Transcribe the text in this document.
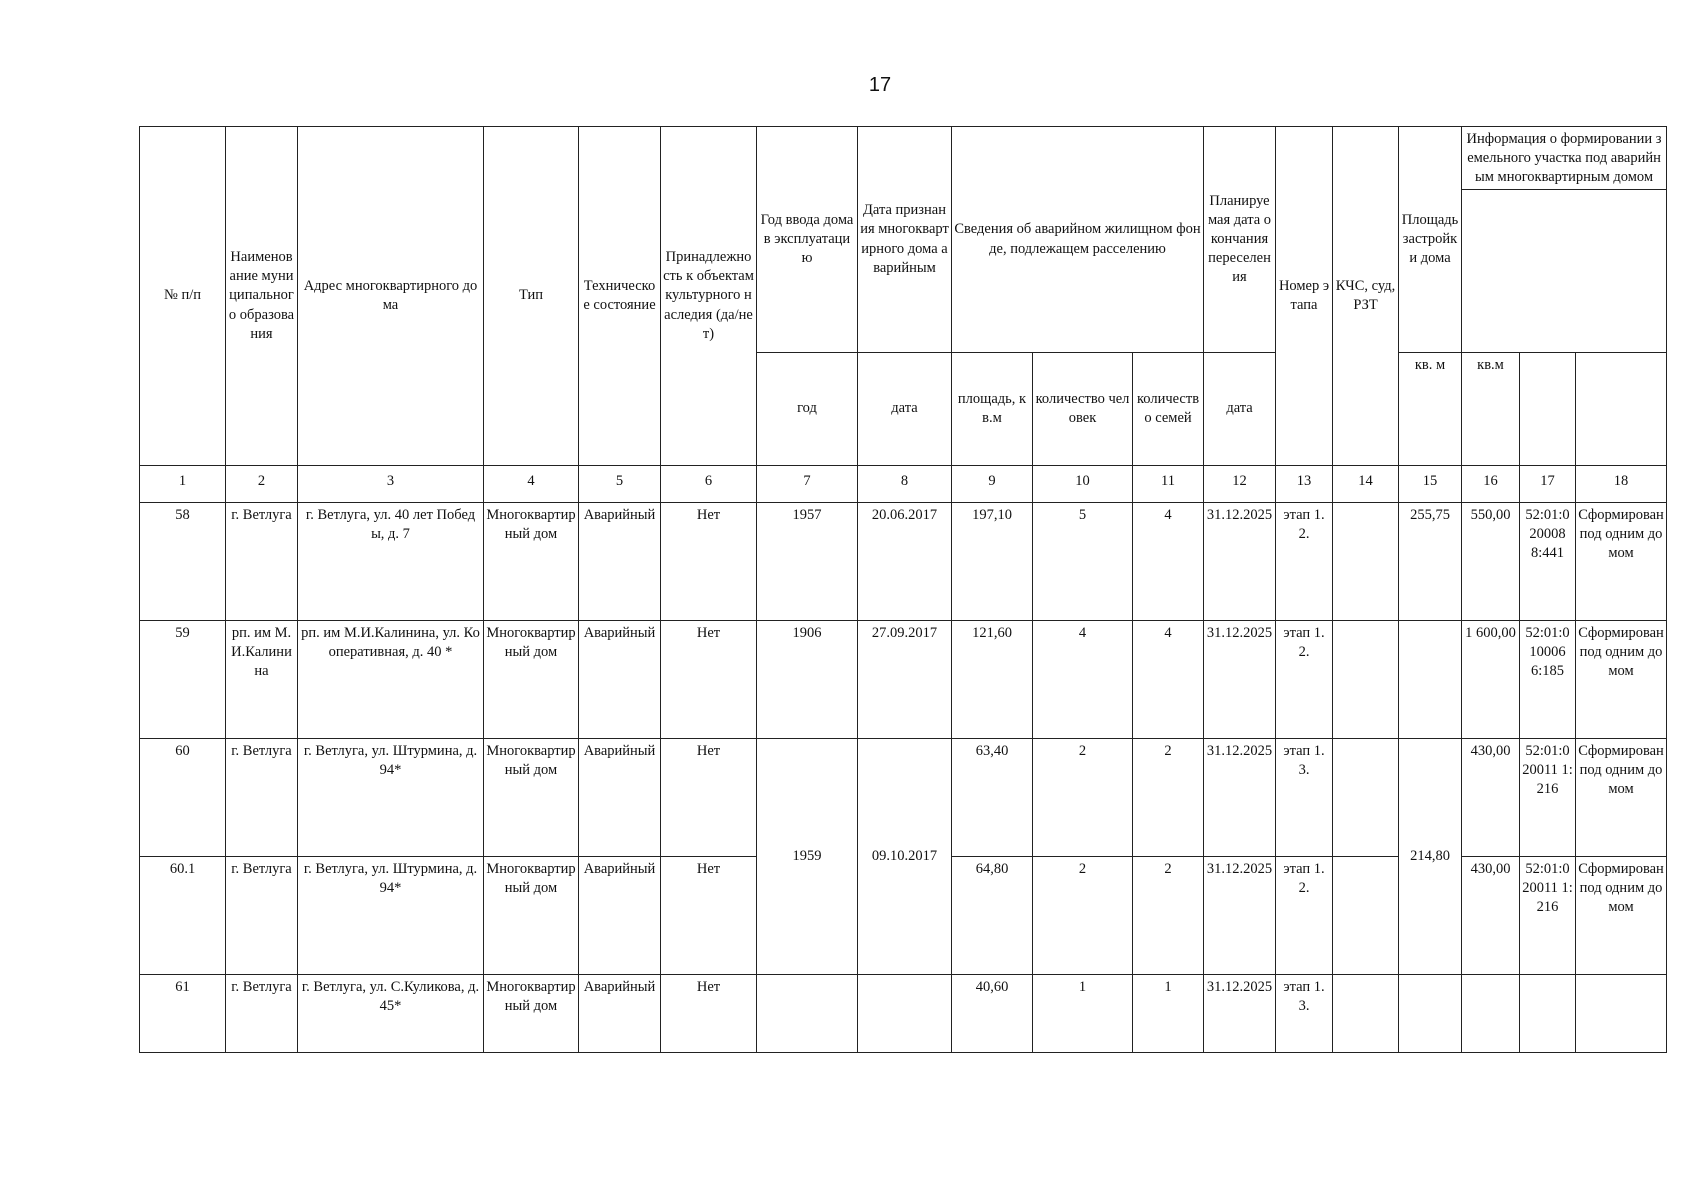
17
№ п/п	Наименование муниципального образования	Адрес многоквартирного дома	Тип	Техническое состояние	Принадлежность к объектам культурного наследия (да/нет)	Год ввода дома в эксплуатацию	Дата признания многоквартирного дома аварийным	Сведения об аварийном жилищном фонде, подлежащем расселению			Планируемая дата окончания переселения	Номер этапа	КЧС, суд, РЗТ	Площадь застройки дома	Информация о формировании земельного участка под аварийным многоквартирным домом		

						год	дата	площадь, кв.м	количество человек	количество семей	дата			кв. м	кв.м		
1	2	3	4	5	6	7	8	9	10	11	12	13	14	15	16	17	18
58	г. Ветлуга	г. Ветлуга, ул. 40 лет Победы, д. 7	Многоквартирный дом	Аварийный	Нет	1957	20.06.2017	197,10	5	4	31.12.2025	этап 1.2.		255,75	550,00	52:01:020008 8:441	Сформирован под одним домом
59	рп. им М.И.Калинина	рп. им М.И.Калинина, ул. Кооперативная, д. 40 *	Многоквартирный дом	Аварийный	Нет	1906	27.09.2017	121,60	4	4	31.12.2025	этап 1.2.			1 600,00	52:01:010006 6:185	Сформирован под одним домом
60	г. Ветлуга	г. Ветлуга, ул. Штурмина, д. 94*	Многоквартирный дом	Аварийный	Нет	1959	09.10.2017	63,40	2	2	31.12.2025	этап 1.3.		214,80	430,00	52:01:020011 1:216	Сформирован под одним домом
60.1	г. Ветлуга	г. Ветлуга, ул. Штурмина, д. 94*	Многоквартирный дом	Аварийный	Нет			64,80	2	2	31.12.2025	этап 1.2.			430,00	52:01:020011 1:216	Сформирован под одним домом
61	г. Ветлуга	г. Ветлуга, ул. С.Куликова, д. 45*	Многоквартирный дом	Аварийный	Нет			40,60	1	1	31.12.2025	этап 1.3.					
